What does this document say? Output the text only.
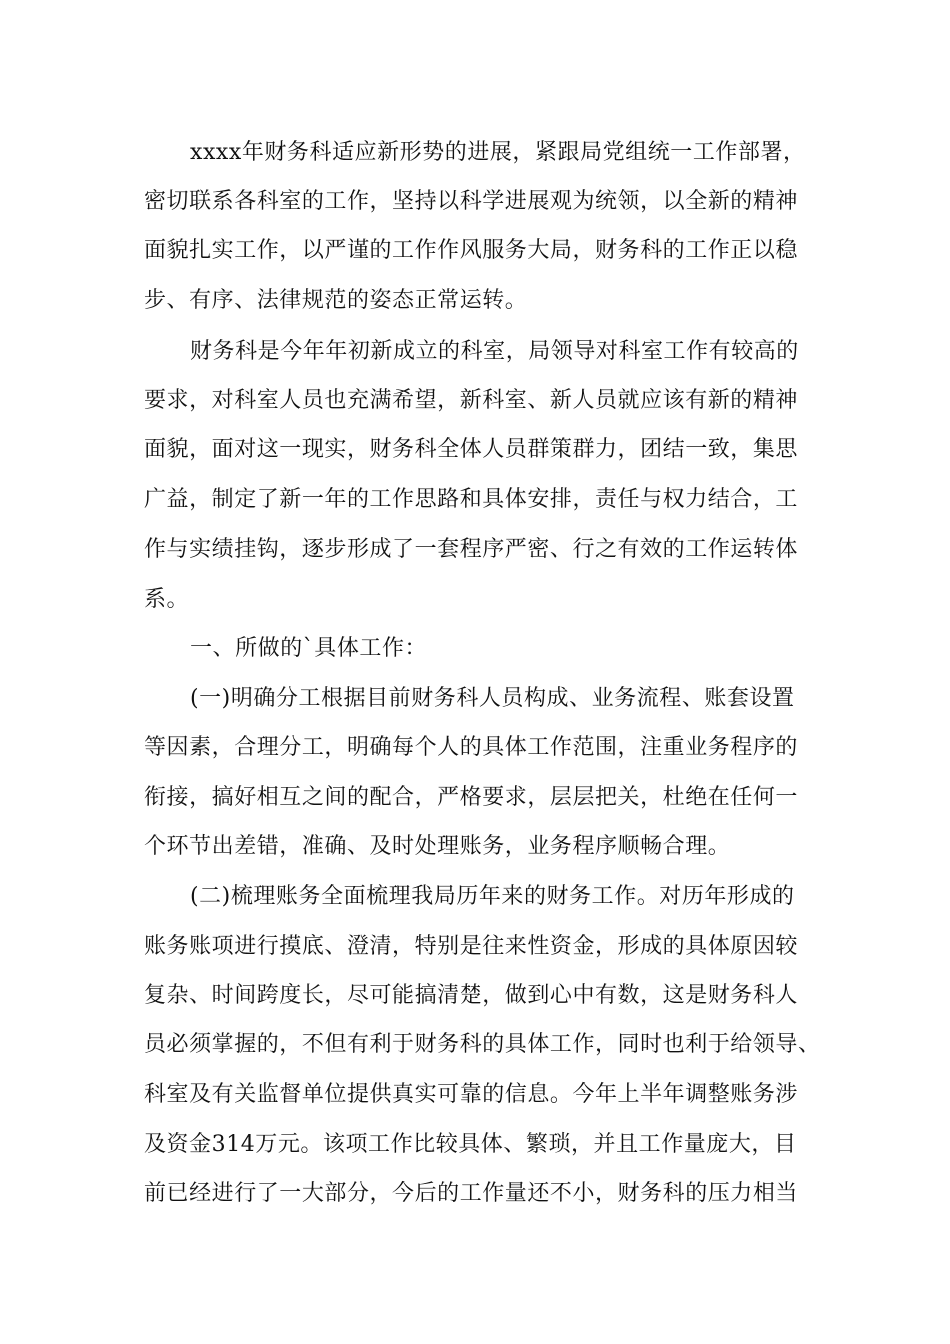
xxxx年财务科适应新形势的进展，紧跟局党组统一工作部署，
密切联系各科室的工作，坚持以科学进展观为统领，以全新的精神
面貌扎实工作，以严谨的工作作风服务大局，财务科的工作正以稳
步、有序、法律规范的姿态正常运转。
财务科是今年年初新成立的科室，局领导对科室工作有较高的
要求，对科室人员也充满希望，新科室、新人员就应该有新的精神
面貌，面对这一现实，财务科全体人员群策群力，团结一致，集思
广益，制定了新一年的工作思路和具体安排，责任与权力结合，工
作与实绩挂钩，逐步形成了一套程序严密、行之有效的工作运转体
系。
一、所做的`具体工作：
(一)明确分工根据目前财务科人员构成、业务流程、账套设置
等因素，合理分工，明确每个人的具体工作范围，注重业务程序的
衔接，搞好相互之间的配合，严格要求，层层把关，杜绝在任何一
个环节出差错，准确、及时处理账务，业务程序顺畅合理。
(二)梳理账务全面梳理我局历年来的财务工作。对历年形成的
账务账项进行摸底、澄清，特别是往来性资金，形成的具体原因较
复杂、时间跨度长，尽可能搞清楚，做到心中有数，这是财务科人
员必须掌握的，不但有利于财务科的具体工作，同时也利于给领导、
科室及有关监督单位提供真实可靠的信息。今年上半年调整账务涉
及资金314万元。该项工作比较具体、繁琐，并且工作量庞大，目
前已经进行了一大部分，今后的工作量还不小，财务科的压力相当
